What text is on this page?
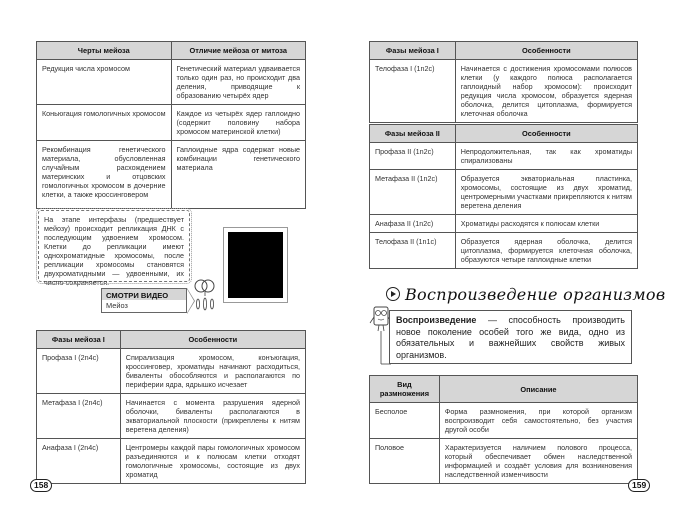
Черты мейоза	Отличие мейоза от митоза
Редукция числа хромосом	Генетический материал удваивается только один раз, но происходит два деления, приводящие к образованию четырёх ядер
Коньюгация гомологичных хромосом	Каждое из четырёх ядер гаплоидно (содержит половину набора хромосом материнской клетки)
Рекомбинация генетического материала, обусловленная случайным расхождением материнских и отцовских гомологичных хромосом в дочерние клетки, а также кроссинговером	Гаплоидные ядра содержат новые комбинации генетического материала
На этапе интерфазы (предшествует мейозу) происходит репликация ДНК с последующим удвоением хромосом. Клетки до репликации имеют однохроматидные хромосомы, после репликации хромосомы становятся двухроматидными — удвоенными, их число сохраняется.
СМОТРИ ВИДЕО
Мейоз
Фазы мейоза I	Особенности
Профаза I (2n4c)	Спирализация хромосом, конъюгация, кроссинговер, хроматиды начинают расходиться, биваленты обособляются и располагаются по периферии ядра, ядрышко исчезает
Метафаза I (2n4c)	Начинается с момента разрушения ядерной оболочки, биваленты располагаются в экваториальной плоскости (прикреплены к нитям веретена деления)
Анафаза I (2n4c)	Центромеры каждой пары гомологичных хромосом разъединяются и к полюсам клетки отходят гомологичные хромосомы, состоящие из двух хроматид
158
Фазы мейоза I	Особенности
Телофаза I (1n2c)	Начинается с достижения хромосомами полюсов клетки (у каждого полюса располагается гаплоидный набор хромосом): происходит редукция числа хромосом, образуется ядерная оболочка, делится цитоплазма, формируется клеточная оболочка
Фазы мейоза II	Особенности
Профаза II (1n2c)	Непродолжительная, так как хроматиды спирализованы
Метафаза II (1n2c)	Образуется экваториальная пластинка, хромосомы, состоящие из двух хроматид, центромерными участками прикрепляются к нитям веретена деления
Анафаза II (1n2c)	Хроматиды расходятся к полюсам клетки
Телофаза II (1n1c)	Образуется ядерная оболочка, делится цитоплазма, формируется клеточная оболочка, образуются четыре гаплоидные клетки
Воспроизведение организмов
Воспроизведение — способность производить новое поколение особей того же вида, одно из обязательных и важнейших свойств живых организмов.
Вид размножения	Описание
Бесполое	Форма размножения, при которой организм воспроизводит себя самостоятельно, без участия другой особи
Половое	Характеризуется наличием полового процесса, который обеспечивает обмен наследственной информацией и создаёт условия для возникновения наследственной изменчивости
159
